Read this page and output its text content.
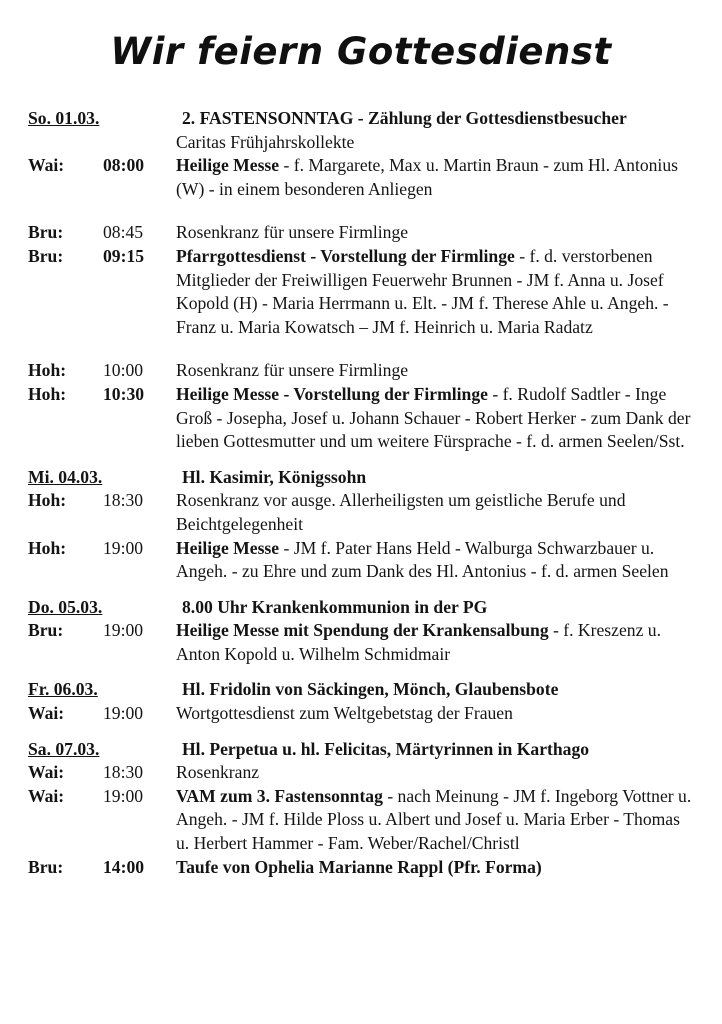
Wir feiern Gottesdienst
So. 01.03.	2. FASTENSONNTAG - Zählung der Gottesdienstbesucher
Caritas Frühjahrskollekte
Wai:	08:00	Heilige Messe - f. Margarete, Max u. Martin Braun - zum Hl. Antonius (W) - in einem besonderen Anliegen
Bru:	08:45	Rosenkranz für unsere Firmlinge
Bru:	09:15	Pfarrgottesdienst - Vorstellung der Firmlinge - f. d. verstorbenen Mitglieder der Freiwilligen Feuerwehr Brunnen - JM f. Anna u. Josef Kopold (H) - Maria Herrmann u. Elt. - JM f. Therese Ahle u. Angeh. - Franz u. Maria Kowatsch – JM f. Heinrich u. Maria Radatz
Hoh:	10:00	Rosenkranz für unsere Firmlinge
Hoh:	10:30	Heilige Messe - Vorstellung der Firmlinge - f. Rudolf Sadtler - Inge Groß - Josepha, Josef u. Johann Schauer - Robert Herker - zum Dank der lieben Gottesmutter und um weitere Fürsprache - f. d. armen Seelen/Sst.
Mi. 04.03.	Hl. Kasimir, Königssohn
Hoh:	18:30	Rosenkranz vor ausge. Allerheiligsten um geistliche Berufe und Beichtgelegenheit
Hoh:	19:00	Heilige Messe - JM f. Pater Hans Held - Walburga Schwarzbauer u. Angeh. - zu Ehre und zum Dank des Hl. Antonius - f. d. armen Seelen
Do. 05.03.	8.00 Uhr Krankenkommunion in der PG
Bru:	19:00	Heilige Messe mit Spendung der Krankensalbung - f. Kreszenz u. Anton Kopold u. Wilhelm Schmidmair
Fr. 06.03.	Hl. Fridolin von Säckingen, Mönch, Glaubensbote
Wai:	19:00	Wortgottesdienst zum Weltgebetstag der Frauen
Sa. 07.03.	Hl. Perpetua u. hl. Felicitas, Märtyrinnen in Karthago
Wai:	18:30	Rosenkranz
Wai:	19:00	VAM zum 3. Fastensonntag - nach Meinung - JM f. Ingeborg Vottner u. Angeh. - JM f. Hilde Ploss u. Albert und Josef u. Maria Erber - Thomas u. Herbert Hammer - Fam. Weber/Rachel/Christl
Bru:	14:00	Taufe von Ophelia Marianne Rappl (Pfr. Forma)
